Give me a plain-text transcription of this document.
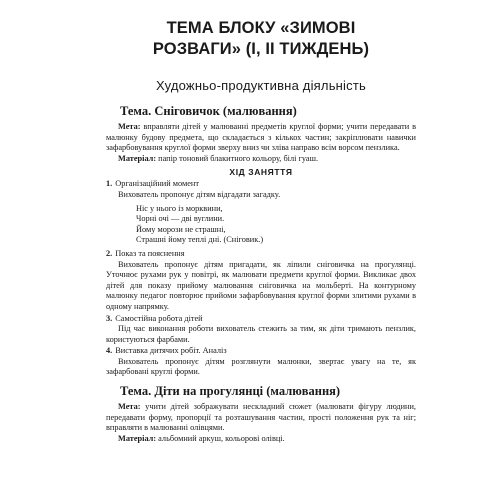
ТЕМА БЛОКУ «ЗИМОВІ
РОЗВАГИ» (І, ІІ ТИЖДЕНЬ)
Художньо-продуктивна діяльність
Тема. Сніговичок (малювання)

Мета: вправляти дітей у малюванні предметів круглої форми; учити передавати в малюнку будову предмета, що складається з кількох частин; закріплювати навички зафарбовування круглої форми зверху вниз чи злiва направо всім ворсом пензлика.

Матеріал: папір тоновий блакитного кольору, білі гуаш.

ХІД ЗАНЯТТЯ
1. Організаційний момент

Вихователь пропонує дітям відгадати загадку.

Нiс у нього iз морквини,
Чорнi очi — двi вуглини.
Йому морози не страшнi,
Страшнi йому теплi днi. (Сніговик.)
2. Показ та пояснення

Вихователь пропонує дітям пригадати, як ліпили сніговичка на прогулянці. Уточнює рухами рук у повітрі, як малювати предмети круглої форми. Викликає двох дітей для показу прийому малювання сніговичка на мольберті. На контурному малюнку педагог повторює прийоми зафарбовування круглої форми злитими рухами в одному напрямку.

3. Самостійна робота дітей

Під час виконання роботи вихователь стежить за тим, як діти тримають пензлик, користуються фарбами.

4. Виставка дитячих робіт. Аналіз

Вихователь пропонує дітям розглянути малюнки, звертає увагу на те, як зафарбовані круглі форми.

Тема. Діти на прогулянці (малювання)

Мета: учити дітей зображувати нескладний сюжет (малювати фігуру людини, передавати форму, пропорції та розташування частин, прості положення рук та ніг; вправляти в малюванні олівцями.

Матеріал: альбомний аркуш, кольорові олівці.
